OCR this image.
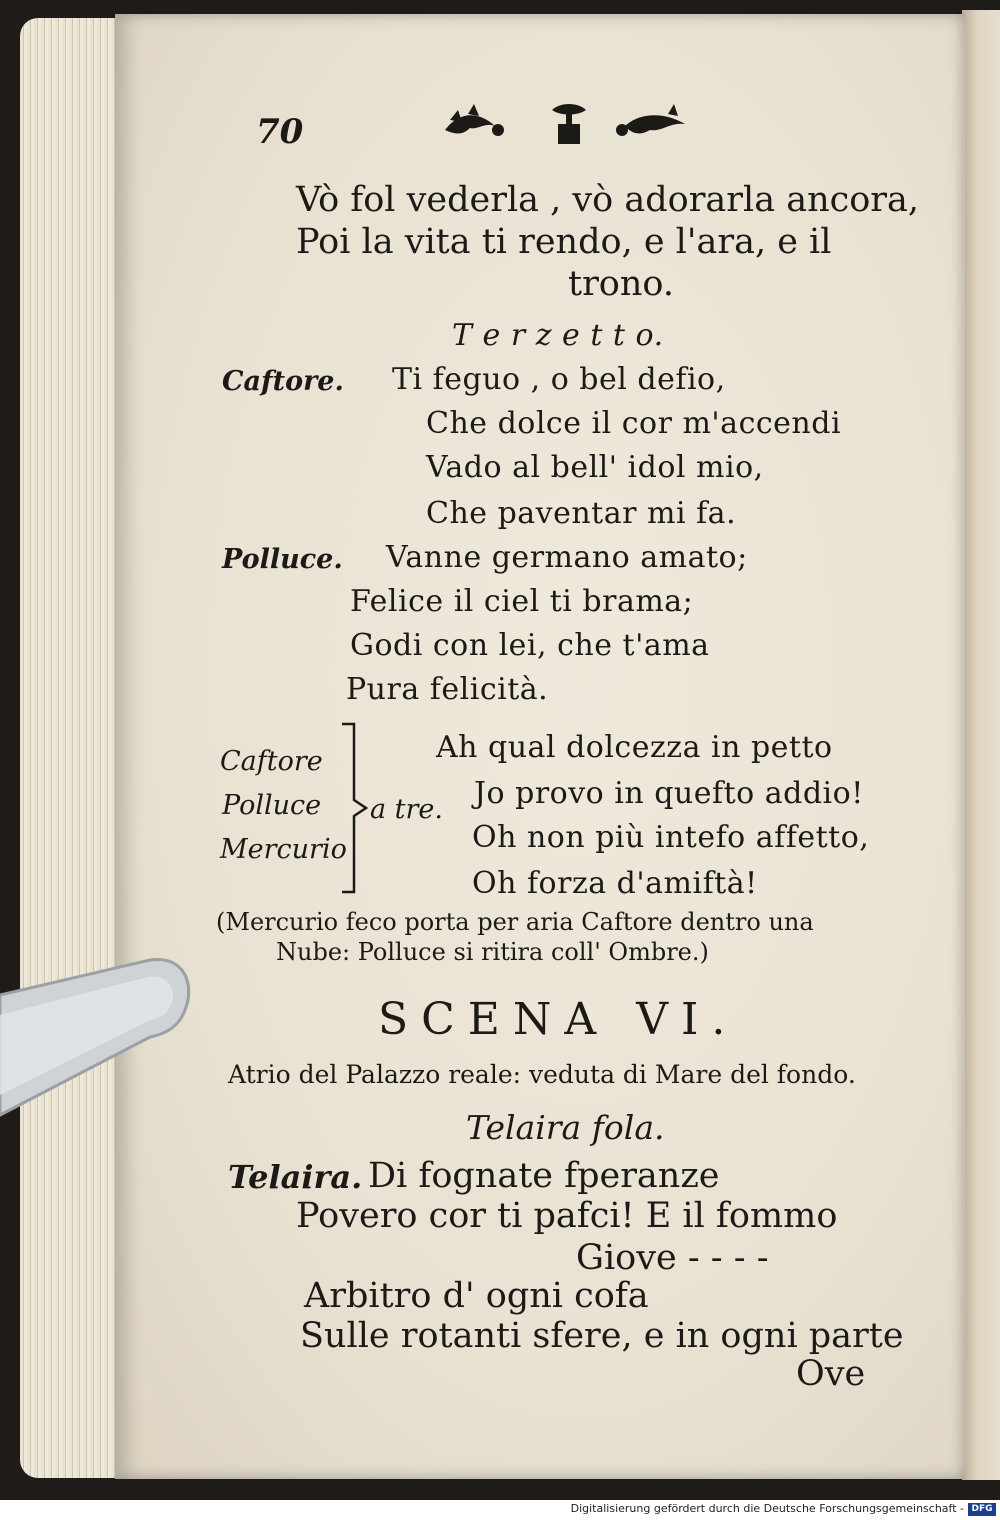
70
Vò fol vederla , vò adorarla ancora,
Poi la vita ti rendo, e l'ara, e il
trono.
T e r z e t t o.
Caftore. Ti feguo , o bel defio,
Che dolce il cor m'accendi
Vado al bell' idol mio,
Che paventar mi fa.
Polluce. Vanne germano amato;
Felice il ciel ti brama;
Godi con lei, che t'ama
Pura felicità.
Caftore
Polluce
Mercurio
a tre.
Ah qual dolcezza in petto
Jo provo in quefto addio!
Oh non più intefo affetto,
Oh forza d'amiftà!
(Mercurio feco porta per aria Caftore dentro una
Nube: Polluce si ritira coll' Ombre.)
SCENA VI.
Atrio del Palazzo reale: veduta di Mare del fondo.
Telaira fola.
Telaira. Di fognate fperanze
Povero cor ti pafci! E il fommo
Giove - - - -
Arbitro d' ogni cofa
Sulle rotanti sfere, e in ogni parte
Ove
Digitalisierung gefördert durch die Deutsche Forschungsgemeinschaft - DFG
